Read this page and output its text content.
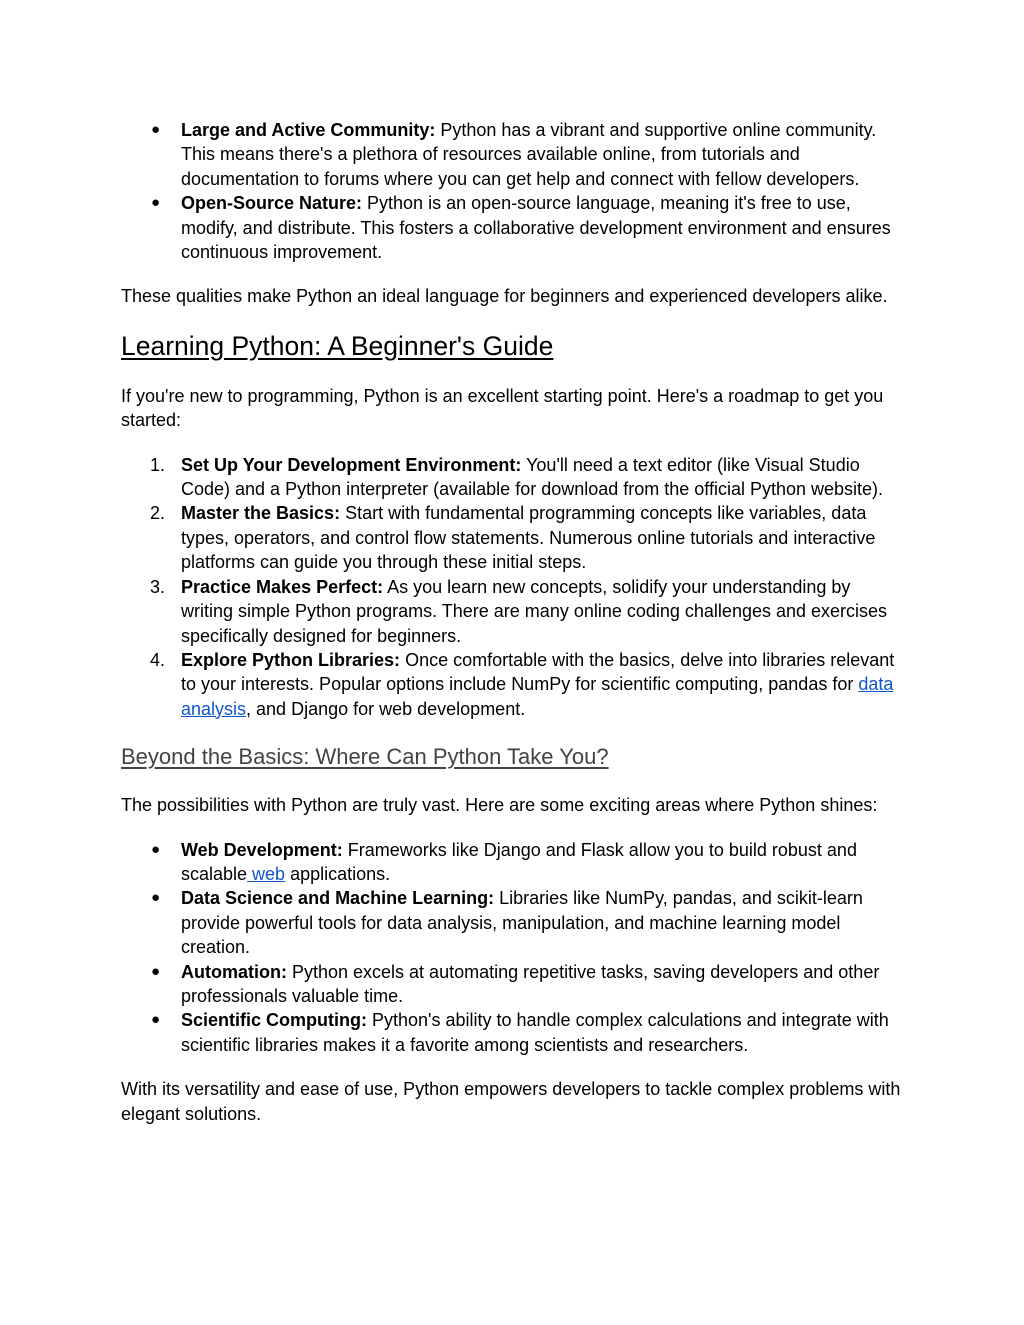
●	Large and Active Community: Python has a vibrant and supportive online community. This means there's a plethora of resources available online, from tutorials and documentation to forums where you can get help and connect with fellow developers.
●	Open-Source Nature: Python is an open-source language, meaning it's free to use, modify, and distribute. This fosters a collaborative development environment and ensures continuous improvement.

These qualities make Python an ideal language for beginners and experienced developers alike.

Learning Python: A Beginner's Guide

If you're new to programming, Python is an excellent starting point. Here's a roadmap to get you started:

1. Set Up Your Development Environment: You'll need a text editor (like Visual Studio Code) and a Python interpreter (available for download from the official Python website).
2. Master the Basics: Start with fundamental programming concepts like variables, data types, operators, and control flow statements. Numerous online tutorials and interactive platforms can guide you through these initial steps.
3. Practice Makes Perfect: As you learn new concepts, solidify your understanding by writing simple Python programs. There are many online coding challenges and exercises specifically designed for beginners.
4. Explore Python Libraries: Once comfortable with the basics, delve into libraries relevant to your interests. Popular options include NumPy for scientific computing, pandas for data analysis, and Django for web development.
Beyond the Basics: Where Can Python Take You?

The possibilities with Python are truly vast. Here are some exciting areas where Python shines:

●	Web Development: Frameworks like Django and Flask allow you to build robust and scalable web applications.
●	Data Science and Machine Learning: Libraries like NumPy, pandas, and scikit-learn provide powerful tools for data analysis, manipulation, and machine learning model creation.
●	Automation: Python excels at automating repetitive tasks, saving developers and other professionals valuable time.
●	Scientific Computing: Python's ability to handle complex calculations and integrate with scientific libraries makes it a favorite among scientists and researchers.

With its versatility and ease of use, Python empowers developers to tackle complex problems with elegant solutions.
